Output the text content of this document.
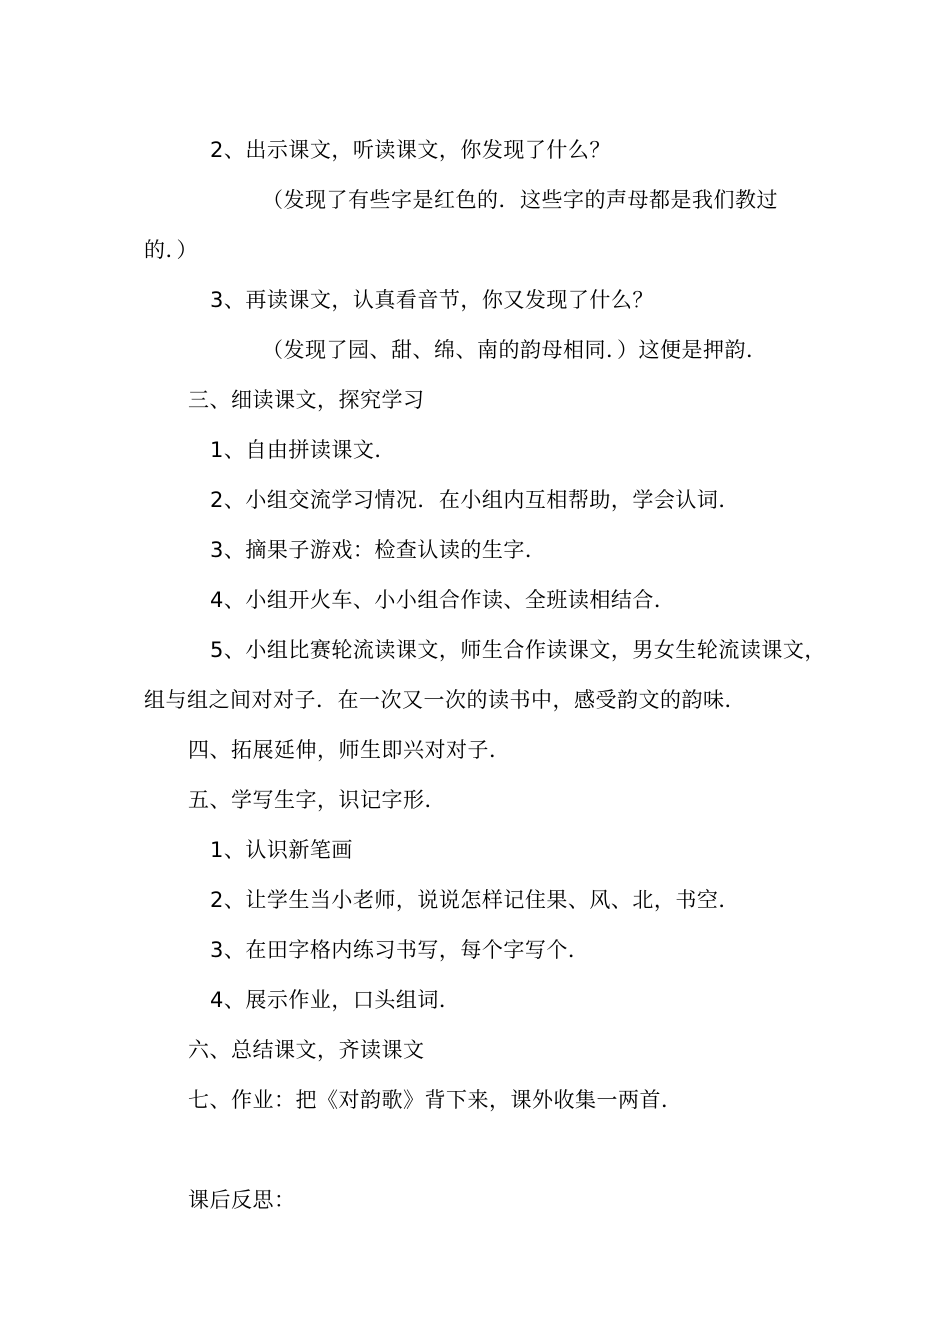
2、出示课文，听读课文，你发现了什么？
（发现了有些字是红色的．这些字的声母都是我们教过
的．）
3、再读课文，认真看音节，你又发现了什么？
（发现了园、甜、绵、南的韵母相同．）这便是押韵．
三、细读课文，探究学习
1、自由拼读课文．
2、小组交流学习情况．在小组内互相帮助，学会认词．
3、摘果子游戏：检查认读的生字．
4、小组开火车、小小组合作读、全班读相结合．
5、小组比赛轮流读课文，师生合作读课文，男女生轮流读课文，
组与组之间对对子．在一次又一次的读书中，感受韵文的韵味．
四、拓展延伸，师生即兴对对子．
五、学写生字，识记字形．
1、认识新笔画
2、让学生当小老师，说说怎样记住果、风、北，书空．
3、在田字格内练习书写，每个字写个．
4、展示作业，口头组词．
六、总结课文，齐读课文
七、作业：把《对韵歌》背下来，课外收集一两首．
课后反思：
